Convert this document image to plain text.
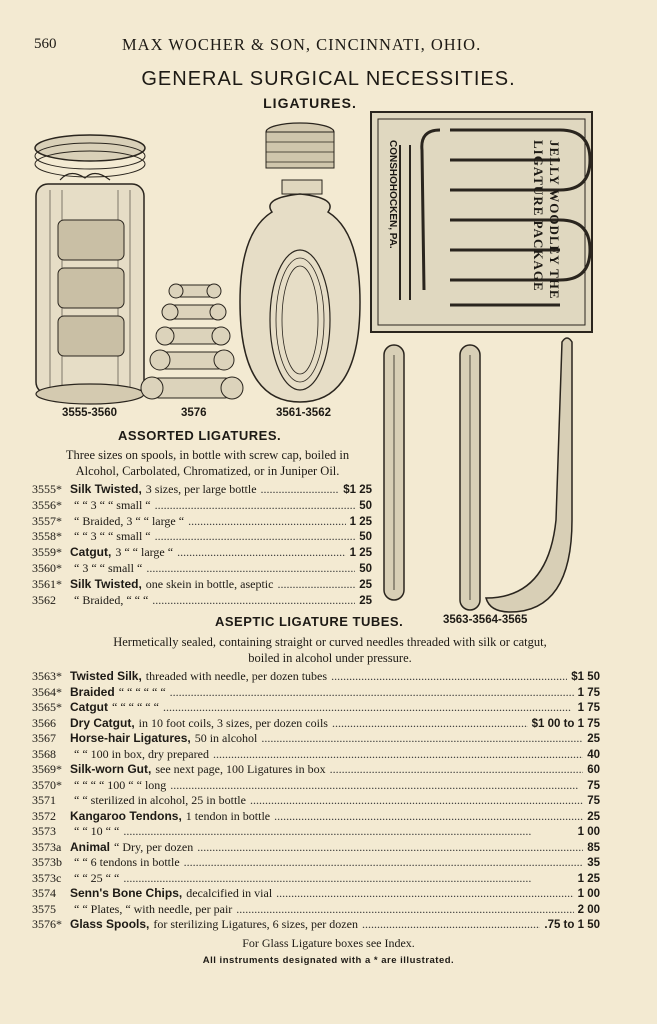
560	MAX WOCHER & SON, CINCINNATI, OHIO.
GENERAL SURGICAL NECESSITIES.
LIGATURES.
CONSHOHOCKEN, PA.	JELLY WOODLEY THE LIGATURE PACKAGE
3555-3560	3576	3561-3562
3563-3564-3565
ASSORTED LIGATURES.
Three sizes on spools, in bottle with screw cap, boiled in
Alcohol, Carbolated, Chromatized, or in Juniper Oil.
3555* Silk Twisted, 3 sizes, per large bottle .....	$1 25
3556*	“ “ 3 “ “ small “ .....	50
3557*	“ Braided, 3 “ “ large “ .....	1 25
3558*	“ “ 3 “ “ small “ .....	50
3559* Catgut, 3 “ “ large “ .....	1 25
3560*	“ 3 “ “ small “ .....	50
3561* Silk Twisted, one skein in bottle, aseptic .....	25
3562	“ Braided, “ “ “ .....	25
ASEPTIC LIGATURE TUBES.
Hermetically sealed, containing straight or curved needles threaded with silk or catgut,
boiled in alcohol under pressure.
3563* Twisted Silk, threaded with needle, per dozen tubes .....	$1 50
3564* Braided “ “ “ “ “ “ .....	1 75
3565* Catgut “ “ “ “ “ “ .....	1 75
3566	Dry Catgut, in 10 foot coils, 3 sizes, per dozen coils .....	$1 00 to 1 75
3567	Horse-hair Ligatures, 50 in alcohol .....	25
3568	“ “ 100 in box, dry prepared .....	40
3569* Silk-worn Gut, see next page, 100 Ligatures in box .....	60
3570*	“ “ “ “ 100 “ “ long .....	75
3571	“ “ sterilized in alcohol, 25 in bottle .....	75
3572	Kangaroo Tendons, 1 tendon in bottle .....	25
3573	“ “ 10 “ “ .....	1 00
3573a Animal “ Dry, per dozen .....	85
3573b	“ “ 6 tendons in bottle .....	35
3573c	“ “ 25 “ “ .....	1 25
3574	Senn's Bone Chips, decalcified in vial .....	1 00
3575	“ “ Plates, “ with needle, per pair .....	2 00
3576* Glass Spools, for sterilizing Ligatures, 6 sizes, per dozen .....	.75 to 1 50
For Glass Ligature boxes see Index.
All instruments designated with a * are illustrated.
